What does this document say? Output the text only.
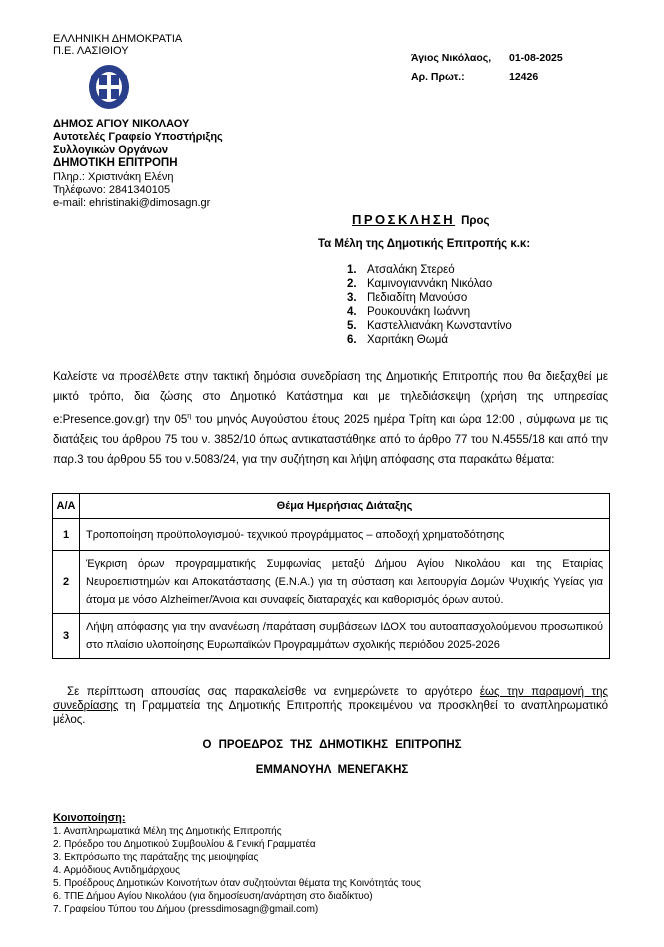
ΕΛΛΗΝΙΚΗ ΔΗΜΟΚΡΑΤΙΑ
Π.Ε. ΛΑΣΙΘΙΟΥ
ΔΗΜΟΣ ΑΓΙΟΥ ΝΙΚΟΛΑΟΥ
Αυτοτελές Γραφείο Υποστήριξης
Συλλογικών Οργάνων
ΔΗΜΟΤΙΚΗ ΕΠΙΤΡΟΠΗ
Πληρ.: Χριστινάκη Ελένη
Τηλέφωνο: 2841340105
e-mail: ehristinaki@dimosagn.gr
Άγιος Νικόλαος, 01-08-2025
Αρ. Πρωτ.:	12426
ΠΡΟΣΚΛΗΣΗ Προς
Τα Μέλη της Δημοτικής Επιτροπής κ.κ:
1. Ατσαλάκη Στερεό
2. Καμινογιαννάκη Νικόλαο
3. Πεδιαδίτη Μανούσο
4. Ρουκουνάκη Ιωάννη
5. Καστελλιανάκη Κωνσταντίνο
6. Χαριτάκη Θωμά
Καλείστε να προσέλθετε στην τακτική δημόσια συνεδρίαση της Δημοτικής Επιτροπής που θα διεξαχθεί με μικτό τρόπο, δια ζώσης στο Δημοτικό Κατάστημα και με τηλεδιάσκεψη (χρήση της υπηρεσίας e:Presence.gov.gr) την $05^\eta$ του μηνός Αυγούστου έτους 2025 ημέρα Τρίτη και ώρα 12:00 , σύμφωνα με τις διατάξεις του άρθρου 75 του ν. 3852/10 όπως αντικαταστάθηκε από το άρθρο 77 του Ν.4555/18 και από την παρ.3 του άρθρου 55 του ν.5083/24, για την συζήτηση και λήψη απόφασης στα παρακάτω θέματα:
Α/Α	Θέμα Ημερήσιας Διάταξης
1	Τροποποίηση προϋπολογισμού- τεχνικού προγράμματος – αποδοχή χρηματοδότησης
2	Έγκριση όρων προγραμματικής Συμφωνίας μεταξύ Δήμου Αγίου Νικολάου και της Εταιρίας Νευροεπιστημών και Αποκατάστασης (Ε.Ν.Α.) για τη σύσταση και λειτουργία Δομών Ψυχικής Υγείας για άτομα με νόσο Alzheimer/Άνοια και συναφείς διαταραχές και καθορισμός όρων αυτού.
3	Λήψη απόφασης για την ανανέωση /παράταση συμβάσεων ΙΔΟΧ του αυτοαπασχολούμενου προσωπικού στο πλαίσιο υλοποίησης Ευρωπαϊκών Προγραμμάτων σχολικής περιόδου 2025-2026
Σε περίπτωση απουσίας σας παρακαλείσθε να ενημερώνετε το αργότερο έως την παραμονή της συνεδρίασης τη Γραμματεία της Δημοτικής Επιτροπής προκειμένου να προσκληθεί το αναπληρωματικό μέλος.
Ο ΠΡΟΕΔΡΟΣ ΤΗΣ ΔΗΜΟΤΙΚΗΣ ΕΠΙΤΡΟΠΗΣ
ΕΜΜΑΝΟΥΗΛ ΜΕΝΕΓΑΚΗΣ
Κοινοποίηση:
1. Αναπληρωματικά Μέλη της Δημοτικής Επιτροπής
2. Πρόεδρο του Δημοτικού Συμβουλίου & Γενική Γραμματέα
3. Εκπρόσωπο της παράταξης της μειοψηφίας
4. Αρμόδιους Αντιδημάρχους
5. Προέδρους Δημοτικών Κοινοτήτων όταν συζητούνται θέματα της Κοινότητάς τους
6. ΤΠΕ Δήμου Αγίου Νικολάου (για δημοσίευση/ανάρτηση στο διαδίκτυο)
7. Γραφείου Τύπου του Δήμου (pressdimosagn@gmail.com)
